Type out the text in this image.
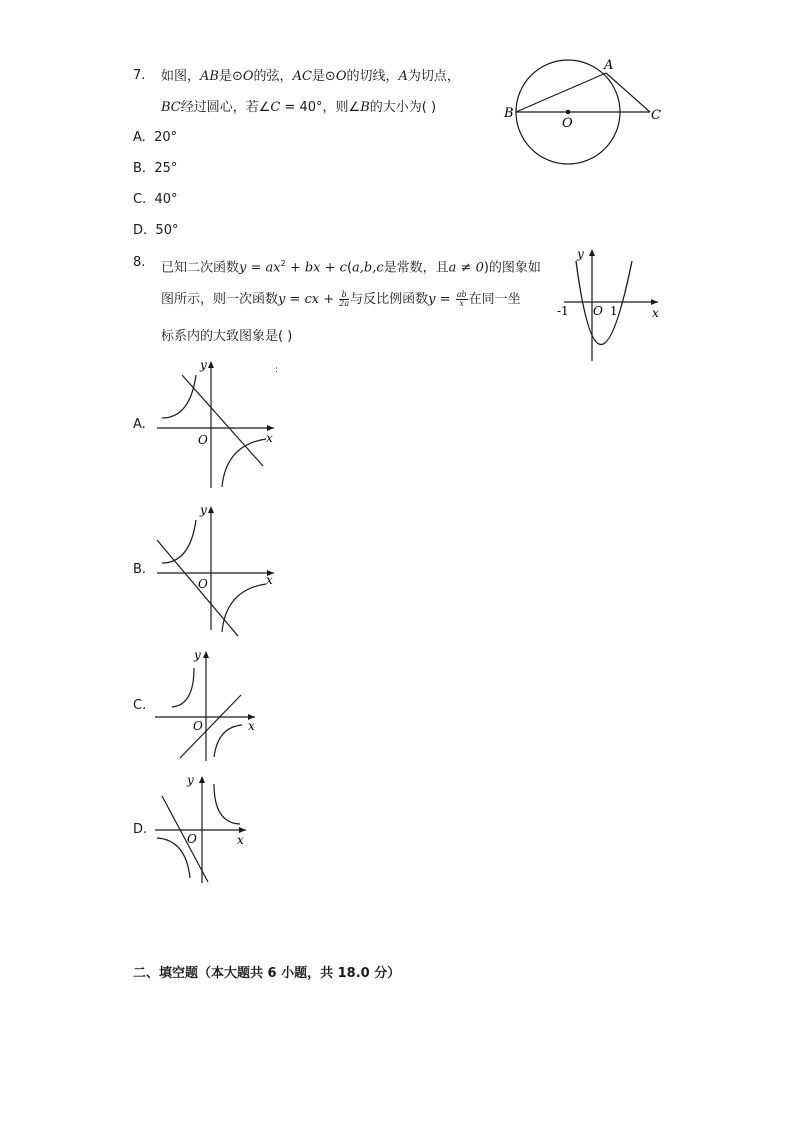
7. 如图，AB是⊙O的弦，AC是⊙O的切线，A为切点，
BC经过圆心，若∠C = 40°，则∠B的大小为( )
A. 20°
B. 25°
C. 40°
D. 50°
A
B	C
O
8. 已知二次函数$y = ax^2$ + bx + c(a,b,c是常数，且a ≠ 0)的图象如
图所示，则一次函数y = cx + $\frac{b}{2a}$ 与反比例函数$y = \frac{ab}{x}$ 在同一坐
标系内的大致图象是( )
y
x
O
-1	1
:
A.
y
x
O
B.
y
x
O
C.
y
x
O
D.
y
x
O
二、填空题（本大题共 6 小题，共 18.0 分）
